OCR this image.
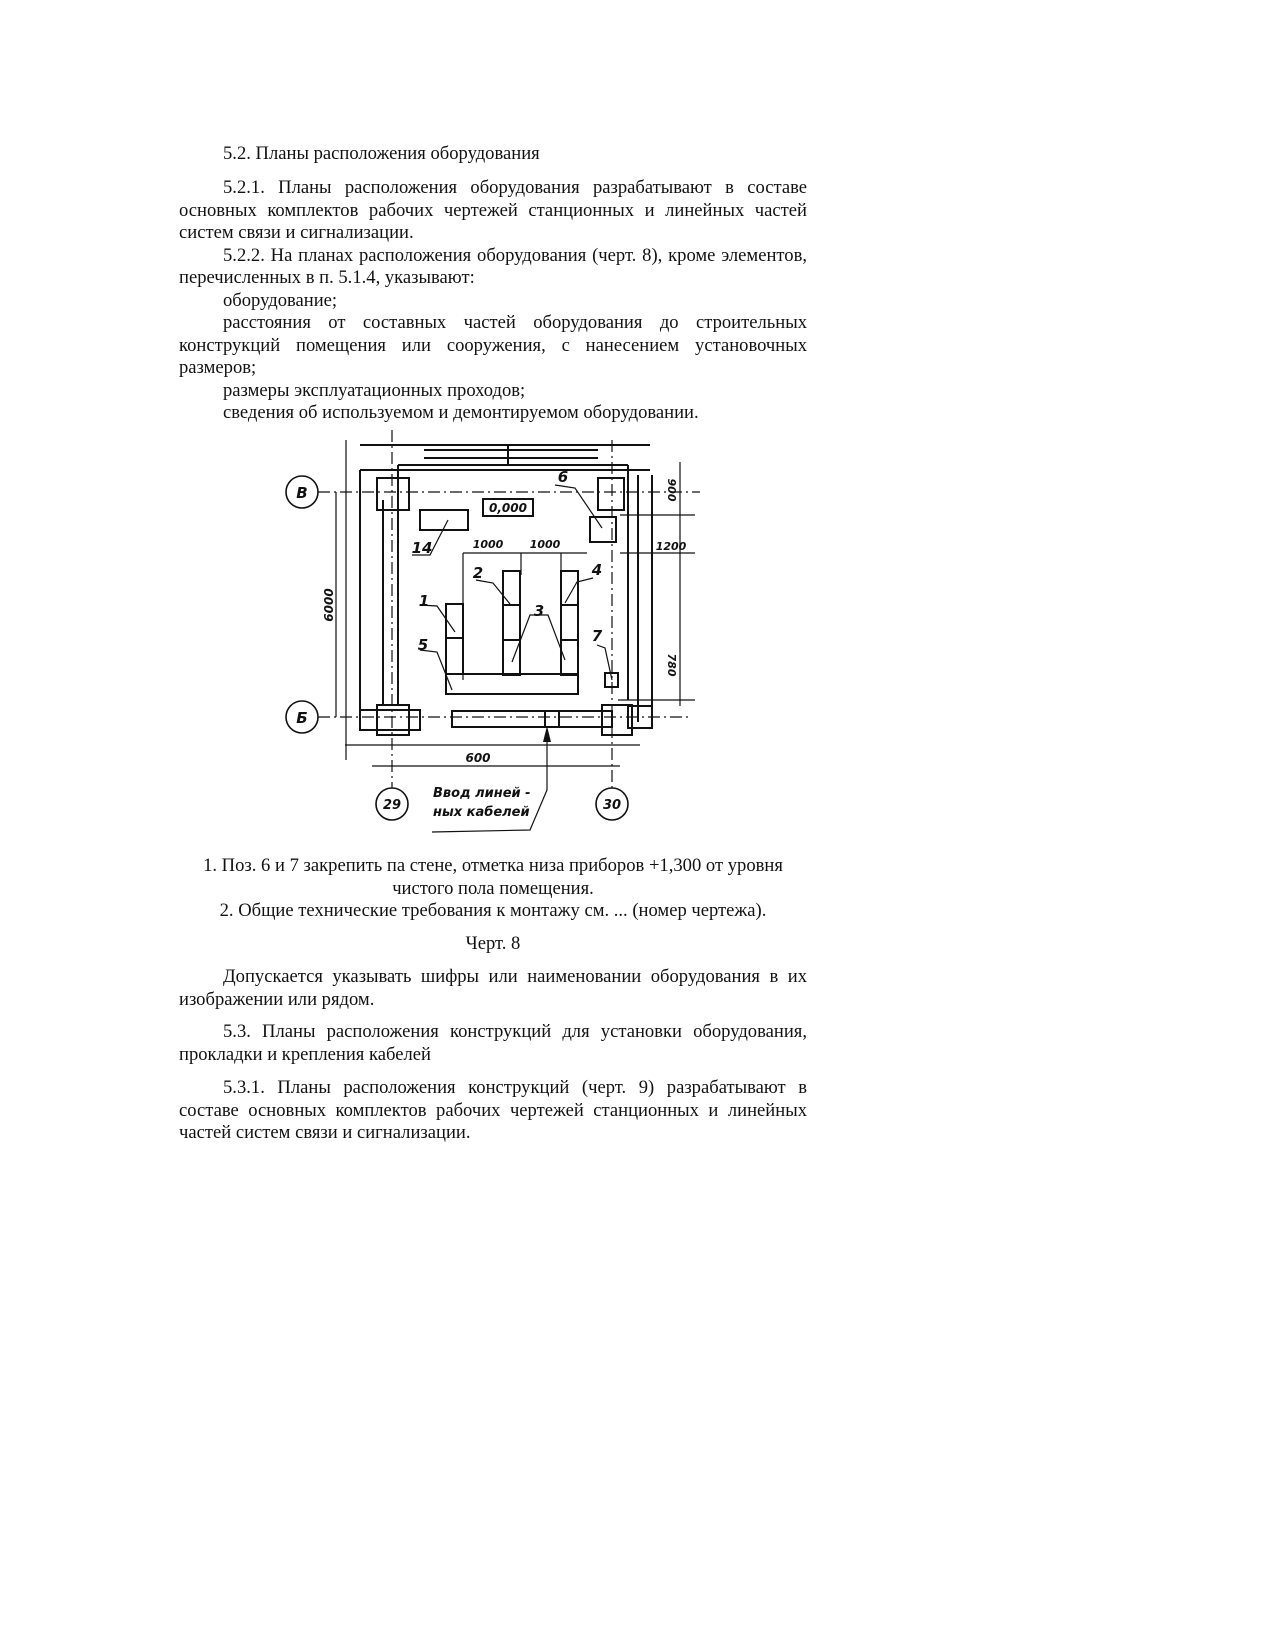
5.2. Планы расположения оборудования

5.2.1. Планы расположения оборудования разрабатывают в составе основных комплектов рабочих чертежей станционных и линейных частей систем связи и сигнализации.

5.2.2. На планах расположения оборудования (черт. 8), кроме элементов, перечисленных в п. 5.1.4, указывают:

оборудование;

расстояния от составных частей оборудования до строительных конструкций помещения или сооружения, с нанесением установочных размеров;

размеры эксплуатационных проходов;

сведения об используемом и демонтируемом оборудовании.

В
Б
29	30
0,000
1000 1000
600
1200
6000
900
780
1
2
3
4
5
6
7
14
Ввод линей -
ных кабелей
1. Поз. 6 и 7 закрепить па стене, отметка низа приборов +1,300 от уровня
чистого пола помещения.
2. Общие технические требования к монтажу см. ... (номер чертежа).
Черт. 8

Допускается указывать шифры или наименовании оборудования в их изображении или рядом.

5.3. Планы расположения конструкций для установки оборудования, прокладки и крепления кабелей

5.3.1. Планы расположения конструкций (черт. 9) разрабатывают в составе основных комплектов рабочих чертежей станционных и линейных частей систем связи и сигнализации.
